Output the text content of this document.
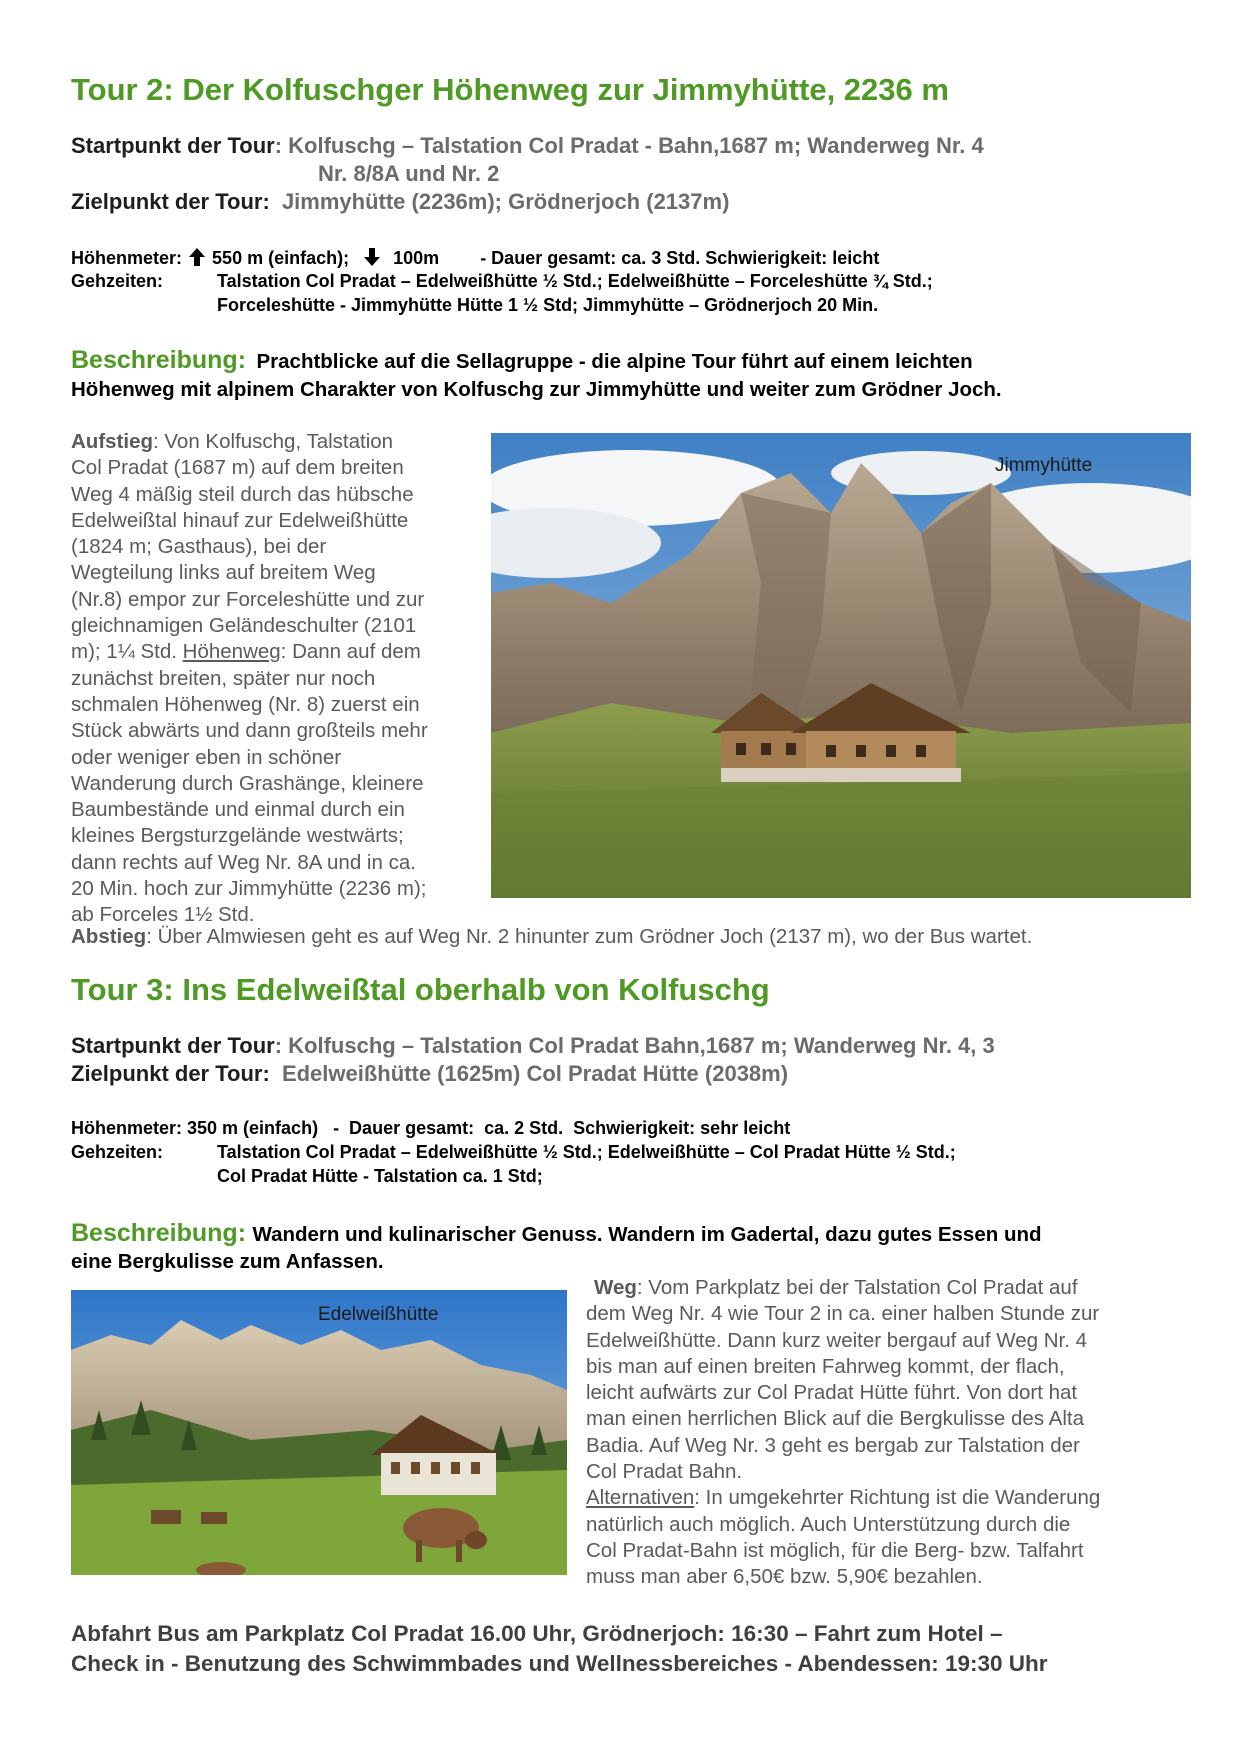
Tour 2: Der Kolfuschger Höhenweg zur Jimmyhütte, 2236 m
Startpunkt der Tour: Kolfuschg – Talstation Col Pradat - Bahn,1687 m; Wanderweg Nr. 4
Nr. 8/8A und Nr. 2
Zielpunkt der Tour: Jimmyhütte (2236m); Grödnerjoch (2137m)
Höhenmeter: 550 m (einfach); 100m - Dauer gesamt: ca. 3 Std. Schwierigkeit: leicht
Gehzeiten:	Talstation Col Pradat – Edelweißhütte ½ Std.; Edelweißhütte – Forceleshütte ¾ Std.;
Forceleshütte - Jimmyhütte Hütte 1 ½ Std; Jimmyhütte – Grödnerjoch 20 Min.
Beschreibung: Prachtblicke auf die Sellagruppe - die alpine Tour führt auf einem leichten
Höhenweg mit alpinem Charakter von Kolfuschg zur Jimmyhütte und weiter zum Grödner Joch.
Aufstieg: Von Kolfuschg, Talstation
Col Pradat (1687 m) auf dem breiten
Weg 4 mäßig steil durch das hübsche
Edelweißtal hinauf zur Edelweißhütte
(1824 m; Gasthaus), bei der
Wegteilung links auf breitem Weg
(Nr.8) empor zur Forceleshütte und zur
gleichnamigen Geländeschulter (2101
m); 1¼ Std. Höhenweg: Dann auf dem
zunächst breiten, später nur noch
schmalen Höhenweg (Nr. 8) zuerst ein
Stück abwärts und dann großteils mehr
oder weniger eben in schöner
Wanderung durch Grashänge, kleinere
Baumbestände und einmal durch ein
kleines Bergsturzgelände westwärts;
dann rechts auf Weg Nr. 8A und in ca.
20 Min. hoch zur Jimmyhütte (2236 m);
ab Forceles 1½ Std.
Jimmyhütte
Abstieg: Über Almwiesen geht es auf Weg Nr. 2 hinunter zum Grödner Joch (2137 m), wo der Bus wartet.
Tour 3: Ins Edelweißtal oberhalb von Kolfuschg
Startpunkt der Tour: Kolfuschg – Talstation Col Pradat Bahn,1687 m; Wanderweg Nr. 4, 3
Zielpunkt der Tour: Edelweißhütte (1625m) Col Pradat Hütte (2038m)
Höhenmeter: 350 m (einfach)   -  Dauer gesamt:  ca. 2 Std.  Schwierigkeit: sehr leicht
Gehzeiten:	Talstation Col Pradat – Edelweißhütte ½ Std.; Edelweißhütte – Col Pradat Hütte ½ Std.;
Col Pradat Hütte - Talstation ca. 1 Std;
Beschreibung: Wandern und kulinarischer Genuss. Wandern im Gadertal, dazu gutes Essen und
eine Bergkulisse zum Anfassen.
Edelweißhütte
Weg: Vom Parkplatz bei der Talstation Col Pradat auf
dem Weg Nr. 4 wie Tour 2 in ca. einer halben Stunde zur
Edelweißhütte. Dann kurz weiter bergauf auf Weg Nr. 4
bis man auf einen breiten Fahrweg kommt, der flach,
leicht aufwärts zur Col Pradat Hütte führt. Von dort hat
man einen herrlichen Blick auf die Bergkulisse des Alta
Badia. Auf Weg Nr. 3 geht es bergab zur Talstation der
Col Pradat Bahn.
Alternativen: In umgekehrter Richtung ist die Wanderung
natürlich auch möglich. Auch Unterstützung durch die
Col Pradat-Bahn ist möglich, für die Berg- bzw. Talfahrt
muss man aber 6,50€ bzw. 5,90€ bezahlen.
Abfahrt Bus am Parkplatz Col Pradat 16.00 Uhr, Grödnerjoch: 16:30 – Fahrt zum Hotel –
Check in - Benutzung des Schwimmbades und Wellnessbereiches - Abendessen: 19:30 Uhr
